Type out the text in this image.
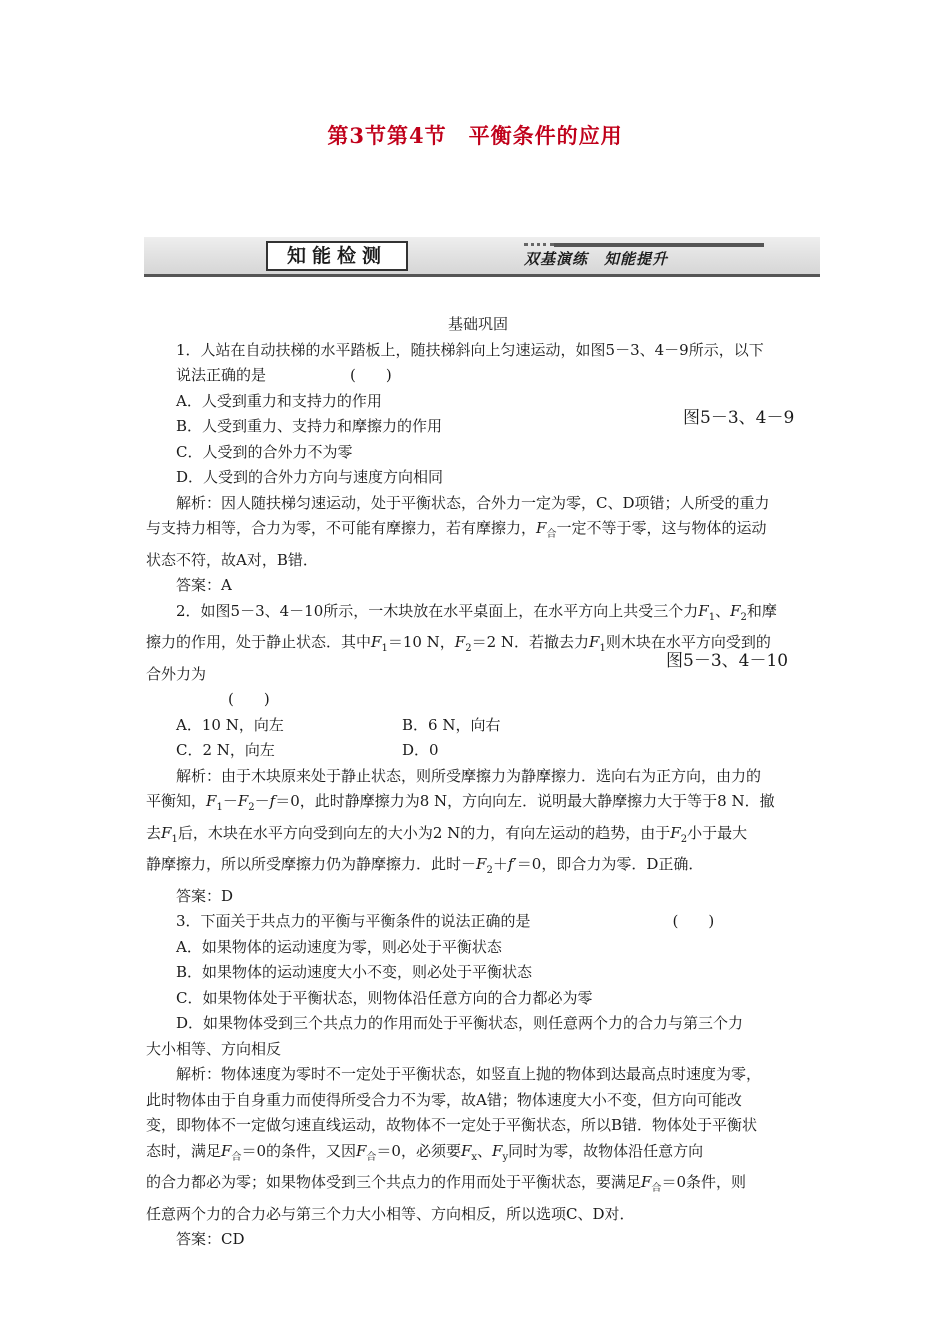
第3节第4节　平衡条件的应用
知能检测	双基演练　知能提升
图5－3、4－9
图5－3、4－10

基础巩固

1．人站在自动扶梯的水平踏板上，随扶梯斜向上匀速运动，如图5－3、4－9所示，以下

说法正确的是	(　　)

A．人受到重力和支持力的作用

B．人受到重力、支持力和摩擦力的作用

C．人受到的合外力不为零

D．人受到的合外力方向与速度方向相同

解析：因人随扶梯匀速运动，处于平衡状态，合外力一定为零，C、D项错；人所受的重力

与支持力相等，合力为零，不可能有摩擦力，若有摩擦力，$F_合$一定不等于零，这与物体的运动

状态不符，故A对，B错．

答案：A

2．如图5－3、4－10所示，一木块放在水平桌面上，在水平方向上共受三个力$F_1$、$F_2$和摩

擦力的作用，处于静止状态．其中$F_1=10$ N，$F_2=2$ N．若撤去力$F_1$则木块在水平方向受到的

合外力为

(　　)

A．10 N，向左	B．6 N，向右
C．2 N，向左	D．0

解析：由于木块原来处于静止状态，则所受摩擦力为静摩擦力．选向右为正方向，由力的

平衡知，$F_1-F_2-f=0$，此时静摩擦力为8 N，方向向左．说明最大静摩擦力大于等于8 N．撤

去$F_1$后，木块在水平方向受到向左的大小为2 N的力，有向左运动的趋势，由于$F_2$小于最大

静摩擦力，所以所受摩擦力仍为静摩擦力．此时$-F_2+f'=0$，即合力为零．D正确．

答案：D

3．下面关于共点力的平衡与平衡条件的说法正确的是	(　　)

A．如果物体的运动速度为零，则必处于平衡状态

B．如果物体的运动速度大小不变，则必处于平衡状态

C．如果物体处于平衡状态，则物体沿任意方向的合力都必为零

D．如果物体受到三个共点力的作用而处于平衡状态，则任意两个力的合力与第三个力

大小相等、方向相反

解析：物体速度为零时不一定处于平衡状态，如竖直上抛的物体到达最高点时速度为零，

此时物体由于自身重力而使得所受合力不为零，故A错；物体速度大小不变，但方向可能改

变，即物体不一定做匀速直线运动，故物体不一定处于平衡状态，所以B错．物体处于平衡状

态时，满足$F_合=0$的条件，又因$F_合=0$，必须要$F_x$、$F_y$同时为零，故物体沿任意方向

的合力都必为零；如果物体受到三个共点力的作用而处于平衡状态，要满足$F_合=0$条件，则

任意两个力的合力必与第三个力大小相等、方向相反，所以选项C、D对．

答案：CD
